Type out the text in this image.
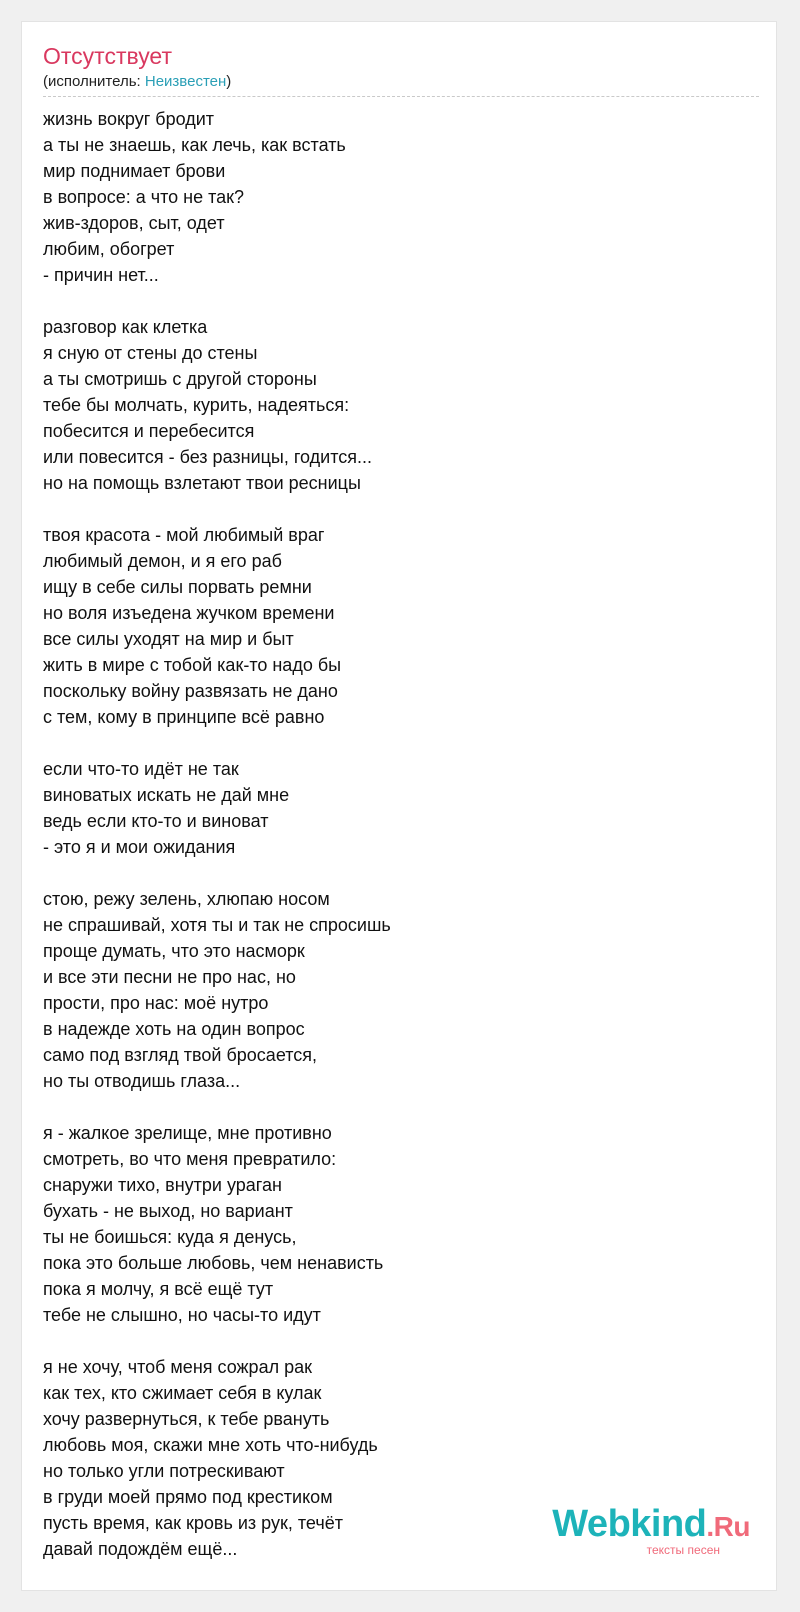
Отсутствует
(исполнитель: Неизвестен)
жизнь вокруг бродит
а ты не знаешь, как лечь, как встать
мир поднимает брови
в вопросе: а что не так?
жив-здоров, сыт, одет
любим, обогрет
- причин нет...
разговор как клетка
я сную от стены до стены
а ты смотришь с другой стороны
тебе бы молчать, курить, надеяться:
побесится и перебесится
или повесится - без разницы, годится...
но на помощь взлетают твои ресницы
твоя красота - мой любимый враг
любимый демон, и я его раб
ищу в себе силы порвать ремни
но воля изъедена жучком времени
все силы уходят на мир и быт
жить в мире с тобой как-то надо бы
поскольку войну развязать не дано
с тем, кому в принципе всё равно
если что-то идёт не так
виноватых искать не дай мне
ведь если кто-то и виноват
- это я и мои ожидания
стою, режу зелень, хлюпаю носом
не спрашивай, хотя ты и так не спросишь
проще думать, что это насморк
и все эти песни не про нас, но
прости, про нас: моё нутро
в надежде хоть на один вопрос
само под взгляд твой бросается,
но ты отводишь глаза...
я - жалкое зрелище, мне противно
смотреть, во что меня превратило:
снаружи тихо, внутри ураган
бухать - не выход, но вариант
ты не боишься: куда я денусь,
пока это больше любовь, чем ненависть
пока я молчу, я всё ещё тут
тебе не слышно, но часы-то идут
я не хочу, чтоб меня сожрал рак
как тех, кто сжимает себя в кулак
хочу развернуться, к тебе рвануть
любовь моя, скажи мне хоть что-нибудь
но только угли потрескивают
в груди моей прямо под крестиком
пусть время, как кровь из рук, течёт
давай подождём ещё...
Webkind.Ru
тексты песен
